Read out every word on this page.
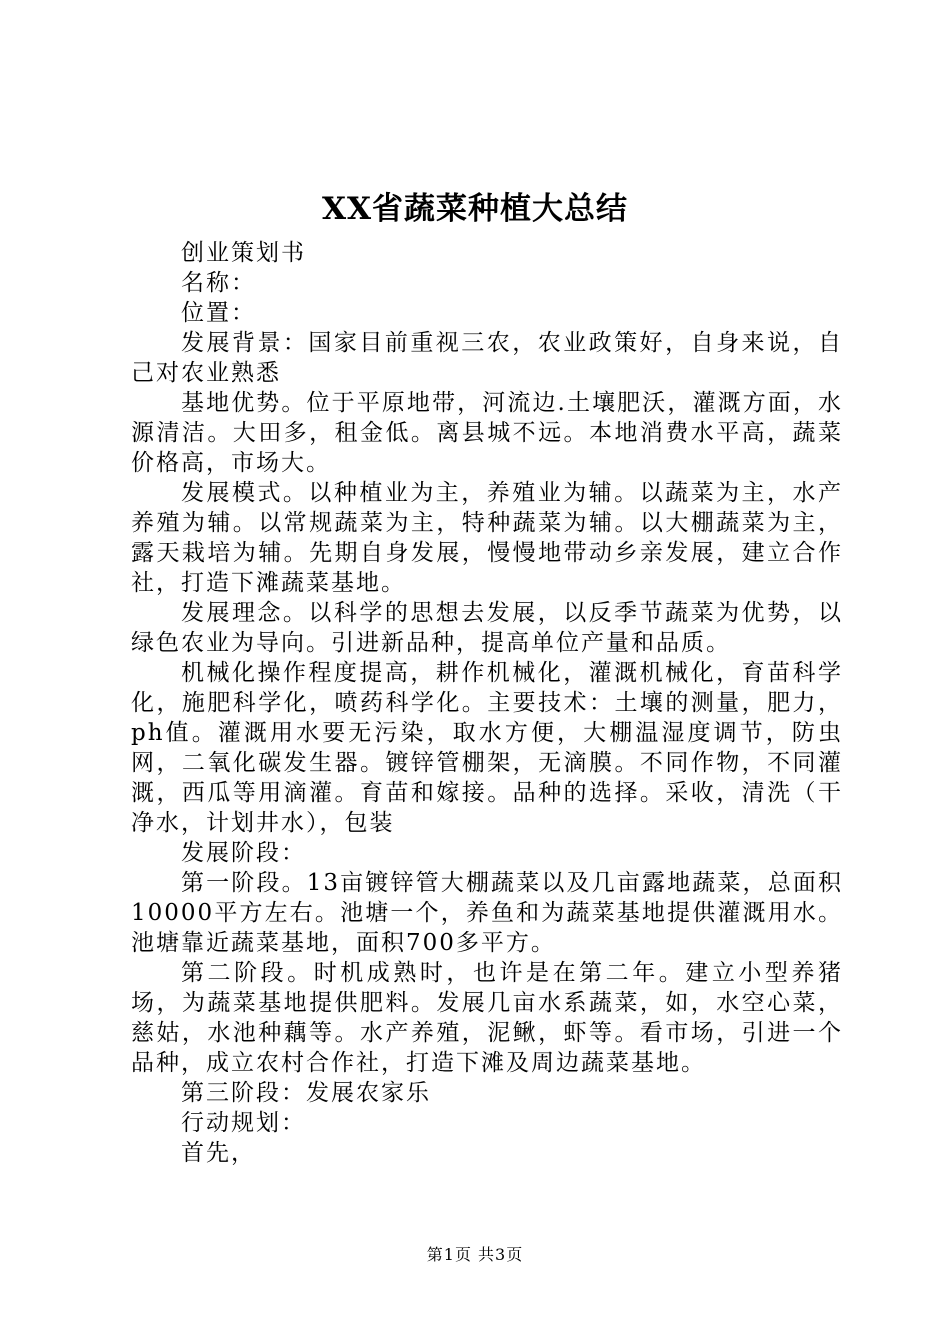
XX省蔬菜种植大总结

创业策划书

名称：

位置：

发展背景：国家目前重视三农，农业政策好，自身来说，自己对农业熟悉

基地优势。位于平原地带，河流边.土壤肥沃，灌溉方面，水源清洁。大田多，租金低。离县城不远。本地消费水平高，蔬菜价格高，市场大。

发展模式。以种植业为主，养殖业为辅。以蔬菜为主，水产养殖为辅。以常规蔬菜为主，特种蔬菜为辅。以大棚蔬菜为主，露天栽培为辅。先期自身发展，慢慢地带动乡亲发展，建立合作社，打造下滩蔬菜基地。

发展理念。以科学的思想去发展，以反季节蔬菜为优势，以绿色农业为导向。引进新品种，提高单位产量和品质。

机械化操作程度提高，耕作机械化，灌溉机械化，育苗科学化，施肥科学化，喷药科学化。主要技术：土壤的测量，肥力，ph值。灌溉用水要无污染，取水方便，大棚温湿度调节，防虫网，二氧化碳发生器。镀锌管棚架，无滴膜。不同作物，不同灌溉，西瓜等用滴灌。育苗和嫁接。品种的选择。采收，清洗（干净水，计划井水），包装

发展阶段：

第一阶段。13亩镀锌管大棚蔬菜以及几亩露地蔬菜，总面积10000平方左右。池塘一个，养鱼和为蔬菜基地提供灌溉用水。池塘靠近蔬菜基地，面积700多平方。

第二阶段。时机成熟时，也许是在第二年。建立小型养猪场，为蔬菜基地提供肥料。发展几亩水系蔬菜，如，水空心菜，慈姑，水池种藕等。水产养殖，泥鳅，虾等。看市场，引进一个品种，成立农村合作社，打造下滩及周边蔬菜基地。

第三阶段：发展农家乐

行动规划：

首先，

第1页 共3页
